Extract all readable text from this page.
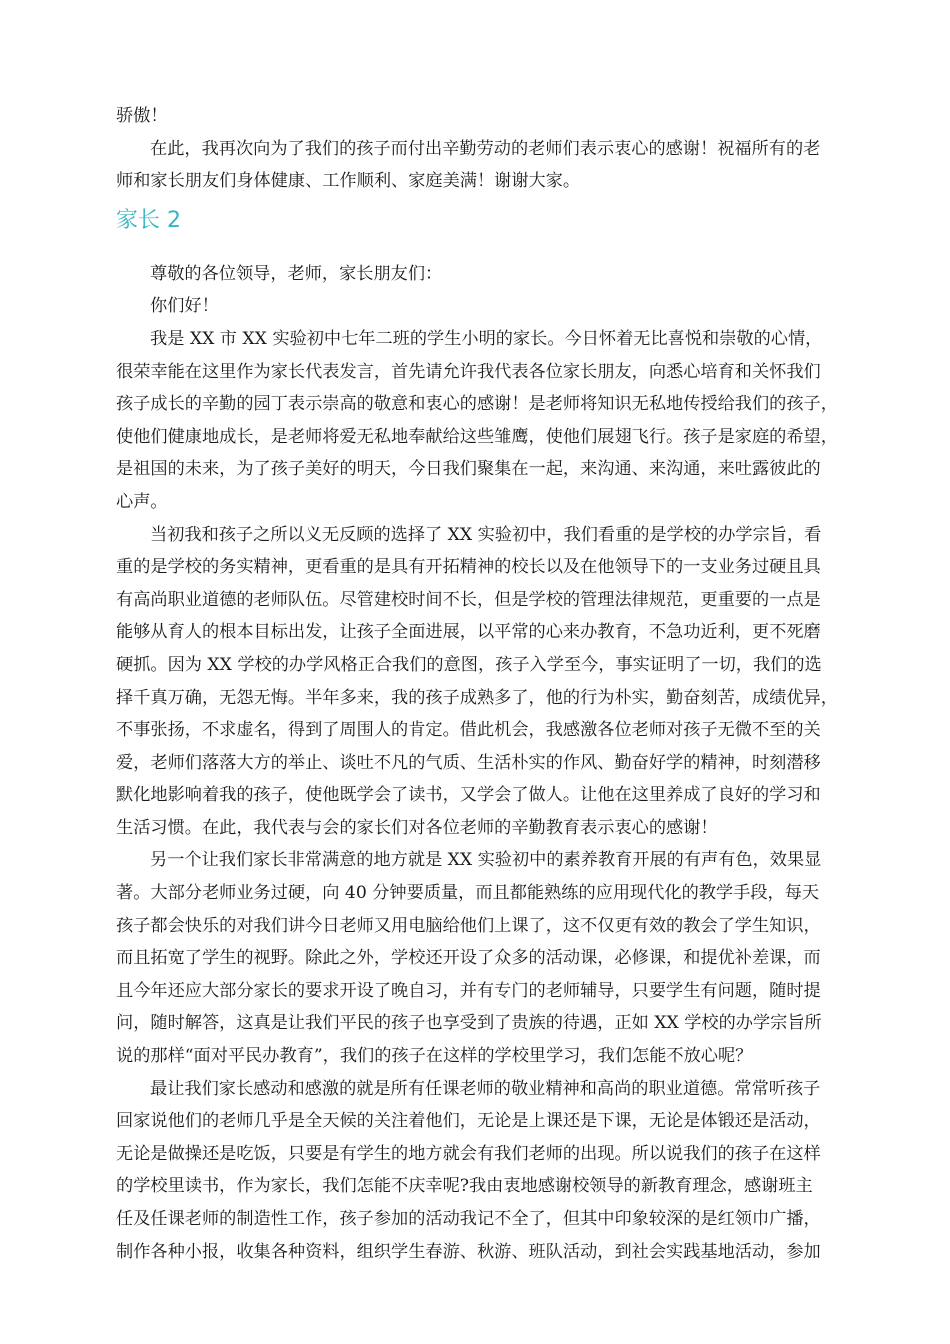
骄傲！
在此，我再次向为了我们的孩子而付出辛勤劳动的老师们表示衷心的感谢！祝福所有的老
师和家长朋友们身体健康、工作顺利、家庭美满！谢谢大家。
家长 2
尊敬的各位领导，老师，家长朋友们：
你们好！
我是 XX 市 XX 实验初中七年二班的学生小明的家长。今日怀着无比喜悦和崇敬的心情，
很荣幸能在这里作为家长代表发言，首先请允许我代表各位家长朋友，向悉心培育和关怀我们
孩子成长的辛勤的园丁表示崇高的敬意和衷心的感谢！是老师将知识无私地传授给我们的孩子，
使他们健康地成长，是老师将爱无私地奉献给这些雏鹰，使他们展翅飞行。孩子是家庭的希望，
是祖国的未来，为了孩子美好的明天，今日我们聚集在一起，来沟通、来沟通，来吐露彼此的
心声。
当初我和孩子之所以义无反顾的选择了 XX 实验初中，我们看重的是学校的办学宗旨，看
重的是学校的务实精神，更看重的是具有开拓精神的校长以及在他领导下的一支业务过硬且具
有高尚职业道德的老师队伍。尽管建校时间不长，但是学校的管理法律规范，更重要的一点是
能够从育人的根本目标出发，让孩子全面进展，以平常的心来办教育，不急功近利，更不死磨
硬抓。因为 XX 学校的办学风格正合我们的意图，孩子入学至今，事实证明了一切，我们的选
择千真万确，无怨无悔。半年多来，我的孩子成熟多了，他的行为朴实，勤奋刻苦，成绩优异，
不事张扬，不求虚名，得到了周围人的肯定。借此机会，我感激各位老师对孩子无微不至的关
爱，老师们落落大方的举止、谈吐不凡的气质、生活朴实的作风、勤奋好学的精神，时刻潜移
默化地影响着我的孩子，使他既学会了读书，又学会了做人。让他在这里养成了良好的学习和
生活习惯。在此，我代表与会的家长们对各位老师的辛勤教育表示衷心的感谢！
另一个让我们家长非常满意的地方就是 XX 实验初中的素养教育开展的有声有色，效果显
著。大部分老师业务过硬，向 40 分钟要质量，而且都能熟练的应用现代化的教学手段，每天
孩子都会快乐的对我们讲今日老师又用电脑给他们上课了，这不仅更有效的教会了学生知识，
而且拓宽了学生的视野。除此之外，学校还开设了众多的活动课，必修课，和提优补差课，而
且今年还应大部分家长的要求开设了晚自习，并有专门的老师辅导，只要学生有问题，随时提
问，随时解答，这真是让我们平民的孩子也享受到了贵族的待遇，正如 XX 学校的办学宗旨所
说的那样“面对平民办教育”，我们的孩子在这样的学校里学习，我们怎能不放心呢？
最让我们家长感动和感激的就是所有任课老师的敬业精神和高尚的职业道德。常常听孩子
回家说他们的老师几乎是全天候的关注着他们，无论是上课还是下课，无论是体锻还是活动，
无论是做操还是吃饭，只要是有学生的地方就会有我们老师的出现。所以说我们的孩子在这样
的学校里读书，作为家长，我们怎能不庆幸呢?我由衷地感谢校领导的新教育理念，感谢班主
任及任课老师的制造性工作，孩子参加的活动我记不全了，但其中印象较深的是红领巾广播，
制作各种小报，收集各种资料，组织学生春游、秋游、班队活动，到社会实践基地活动，参加
